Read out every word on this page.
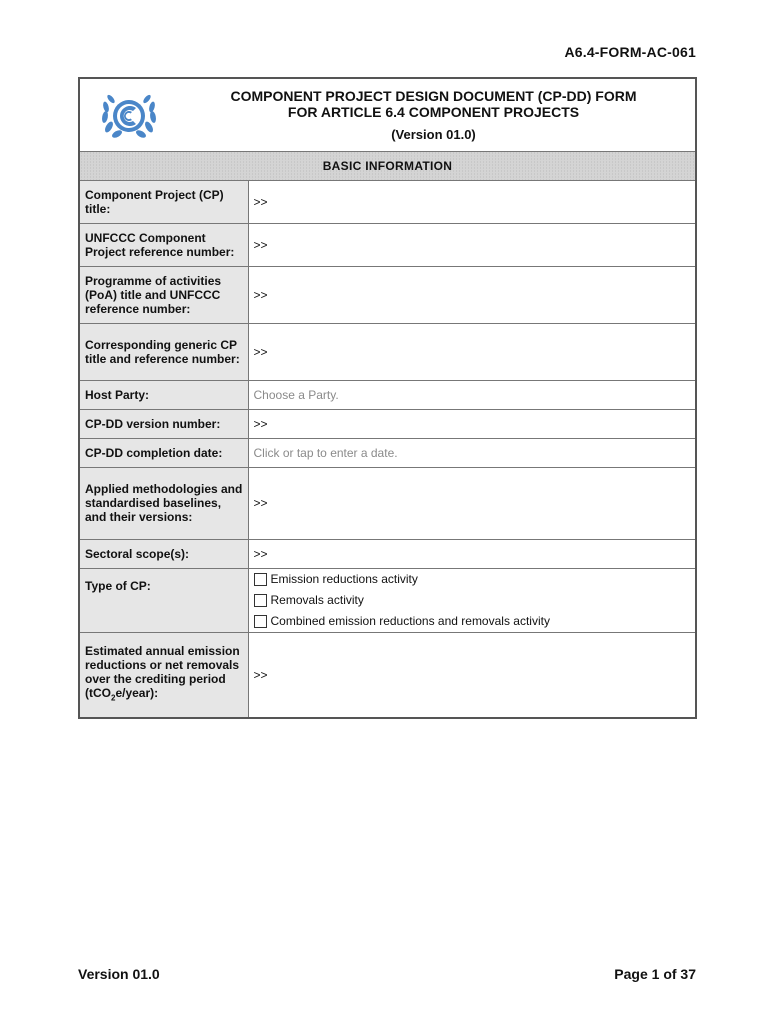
A6.4-FORM-AC-061
COMPONENT PROJECT DESIGN DOCUMENT (CP-DD) FORM
FOR ARTICLE 6.4 COMPONENT PROJECTS
(Version 01.0)	

BASIC INFORMATION	
Component Project (CP) title:	>>
UNFCCC Component Project reference number:	>>
Programme of activities (PoA) title and UNFCCC reference number:	>>
Corresponding generic CP title and reference number:	>>
Host Party:	Choose a Party.
CP-DD version number:	>>
CP-DD completion date:	Click or tap to enter a date.
Applied methodologies and standardised baselines, and their versions:	>>
Sectoral scope(s):	>>
Type of CP:	Emission reductions activity
Removals activity
Combined emission reductions and removals activity

Estimated annual emission reductions or net removals over the crediting period (tCO$_2$e/year):	>>
Version 01.0	Page 1 of 37
